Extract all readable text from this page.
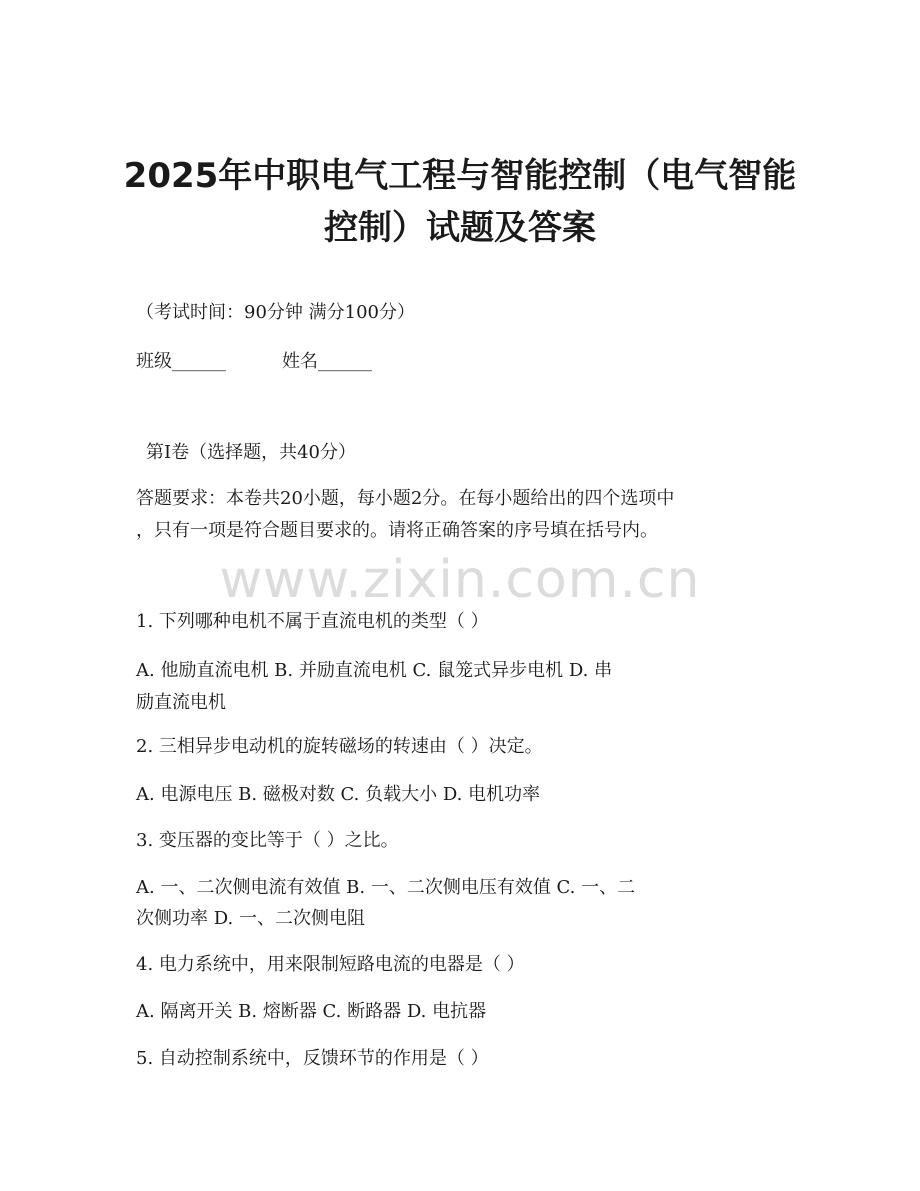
2025年中职电气工程与智能控制（电气智能
控制）试题及答案
（考试时间：90分钟 满分100分）
班级______	姓名______
第I卷（选择题，共40分）
答题要求：本卷共20小题，每小题2分。在每小题给出的四个选项中
，只有一项是符合题目要求的。请将正确答案的序号填在括号内。
www.zixin.com.cn
1. 下列哪种电机不属于直流电机的类型（ ）
A. 他励直流电机 B. 并励直流电机 C. 鼠笼式异步电机 D. 串
励直流电机
2. 三相异步电动机的旋转磁场的转速由（ ）决定。
A. 电源电压 B. 磁极对数 C. 负载大小 D. 电机功率
3. 变压器的变比等于（ ）之比。
A. 一、二次侧电流有效值 B. 一、二次侧电压有效值 C. 一、二
次侧功率 D. 一、二次侧电阻
4. 电力系统中，用来限制短路电流的电器是（ ）
A. 隔离开关 B. 熔断器 C. 断路器 D. 电抗器
5. 自动控制系统中，反馈环节的作用是（ ）
